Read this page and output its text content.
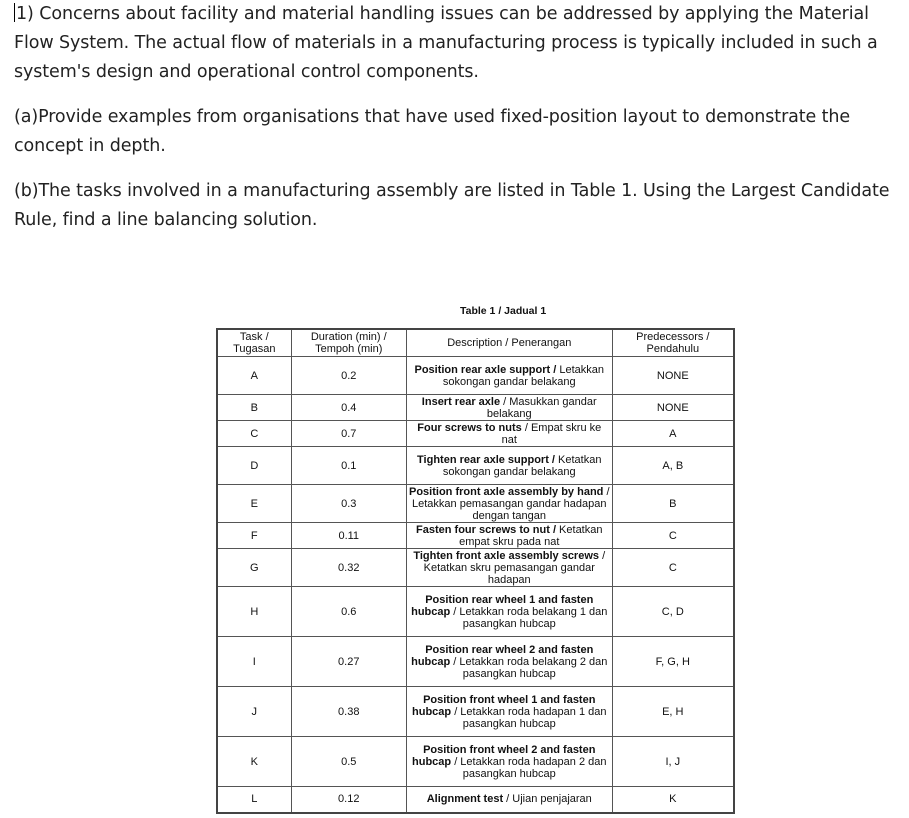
1) Concerns about facility and material handling issues can be addressed by applying the Material Flow System. The actual flow of materials in a manufacturing process is typically included in such a system's design and operational control components.

(a)Provide examples from organisations that have used fixed-position layout to demonstrate the concept in depth.

(b)The tasks involved in a manufacturing assembly are listed in Table 1. Using the Largest Candidate Rule, find a line balancing solution.

Table 1 / Jadual 1
Task / Tugasan	Duration (min) / Tempoh (min)	Description / Penerangan	Predecessors / Pendahulu
A	0.2	Position rear axle support / Letakkan sokongan gandar belakang	NONE
B	0.4	Insert rear axle / Masukkan gandar belakang	NONE
C	0.7	Four screws to nuts / Empat skru ke nat	A
D	0.1	Tighten rear axle support / Ketatkan sokongan gandar belakang	A, B
E	0.3	Position front axle assembly by hand / Letakkan pemasangan gandar hadapan dengan tangan	B
F	0.11	Fasten four screws to nut / Ketatkan empat skru pada nat	C
G	0.32	Tighten front axle assembly screws / Ketatkan skru pemasangan gandar hadapan	C
H	0.6	Position rear wheel 1 and fasten hubcap / Letakkan roda belakang 1 dan pasangkan hubcap	C, D
I	0.27	Position rear wheel 2 and fasten hubcap / Letakkan roda belakang 2 dan pasangkan hubcap	F, G, H
J	0.38	Position front wheel 1 and fasten hubcap / Letakkan roda hadapan 1 dan pasangkan hubcap	E, H
K	0.5	Position front wheel 2 and fasten hubcap / Letakkan roda hadapan 2 dan pasangkan hubcap	I, J
L	0.12	Alignment test / Ujian penjajaran	K
